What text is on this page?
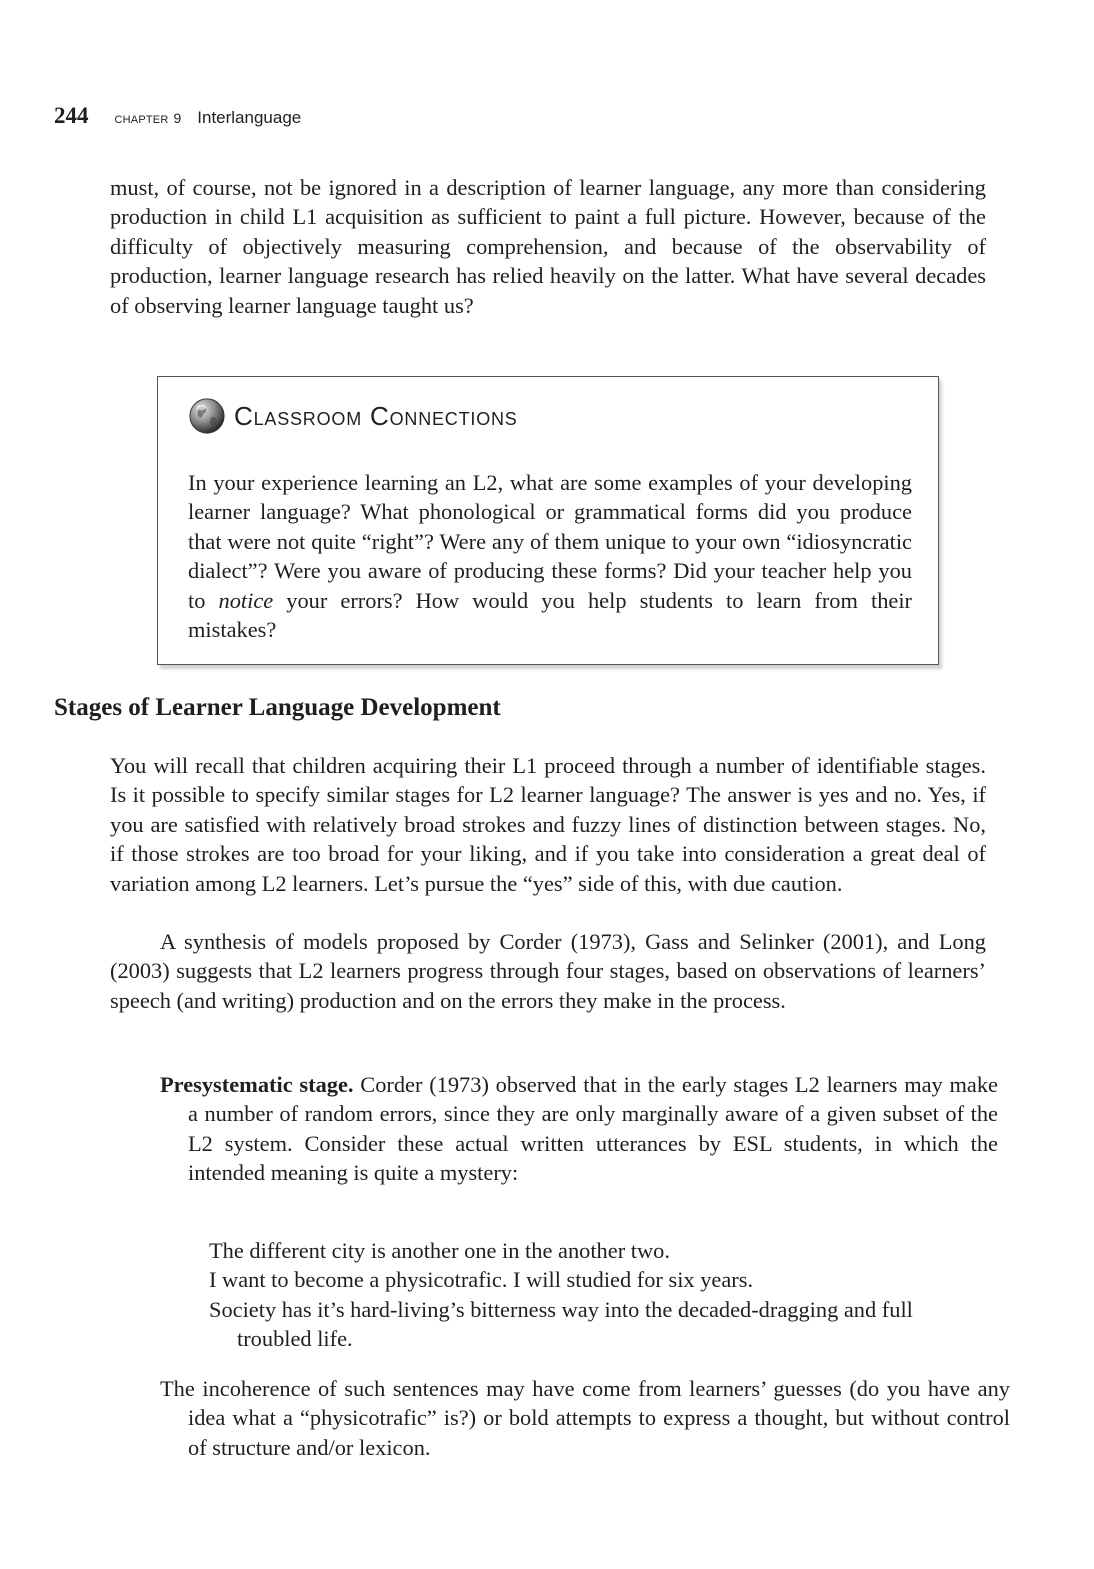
244 CHAPTER 9 Interlanguage

must, of course, not be ignored in a description of learner language, any more than considering production in child L1 acquisition as sufficient to paint a full picture. However, because of the difficulty of objectively measuring comprehension, and because of the observability of production, learner language research has relied heavily on the latter. What have several decades of observing learner language taught us?

Classroom Connections

In your experience learning an L2, what are some examples of your developing learner language? What phonological or grammatical forms did you produce that were not quite “right”? Were any of them unique to your own “idiosyncratic dialect”? Were you aware of producing these forms? Did your teacher help you to notice your errors? How would you help students to learn from their mistakes?

Stages of Learner Language Development

You will recall that children acquiring their L1 proceed through a number of identifiable stages. Is it possible to specify similar stages for L2 learner language? The answer is yes and no. Yes, if you are satisfied with relatively broad strokes and fuzzy lines of distinction between stages. No, if those strokes are too broad for your liking, and if you take into consideration a great deal of variation among L2 learners. Let’s pursue the “yes” side of this, with due caution.

A synthesis of models proposed by Corder (1973), Gass and Selinker (2001), and Long (2003) suggests that L2 learners progress through four stages, based on observations of learners’ speech (and writing) production and on the errors they make in the process.

Presystematic stage. Corder (1973) observed that in the early stages L2 learners may make a number of random errors, since they are only marginally aware of a given subset of the L2 system. Consider these actual written utterances by ESL students, in which the intended meaning is quite a mystery:

The different city is another one in the another two.
I want to become a physicotrafic. I will studied for six years.
Society has it’s hard-living’s bitterness way into the decaded-dragging and full troubled life.

The incoherence of such sentences may have come from learners’ guesses (do you have any idea what a “physicotrafic” is?) or bold attempts to express a thought, but without control of structure and/or lexicon.
